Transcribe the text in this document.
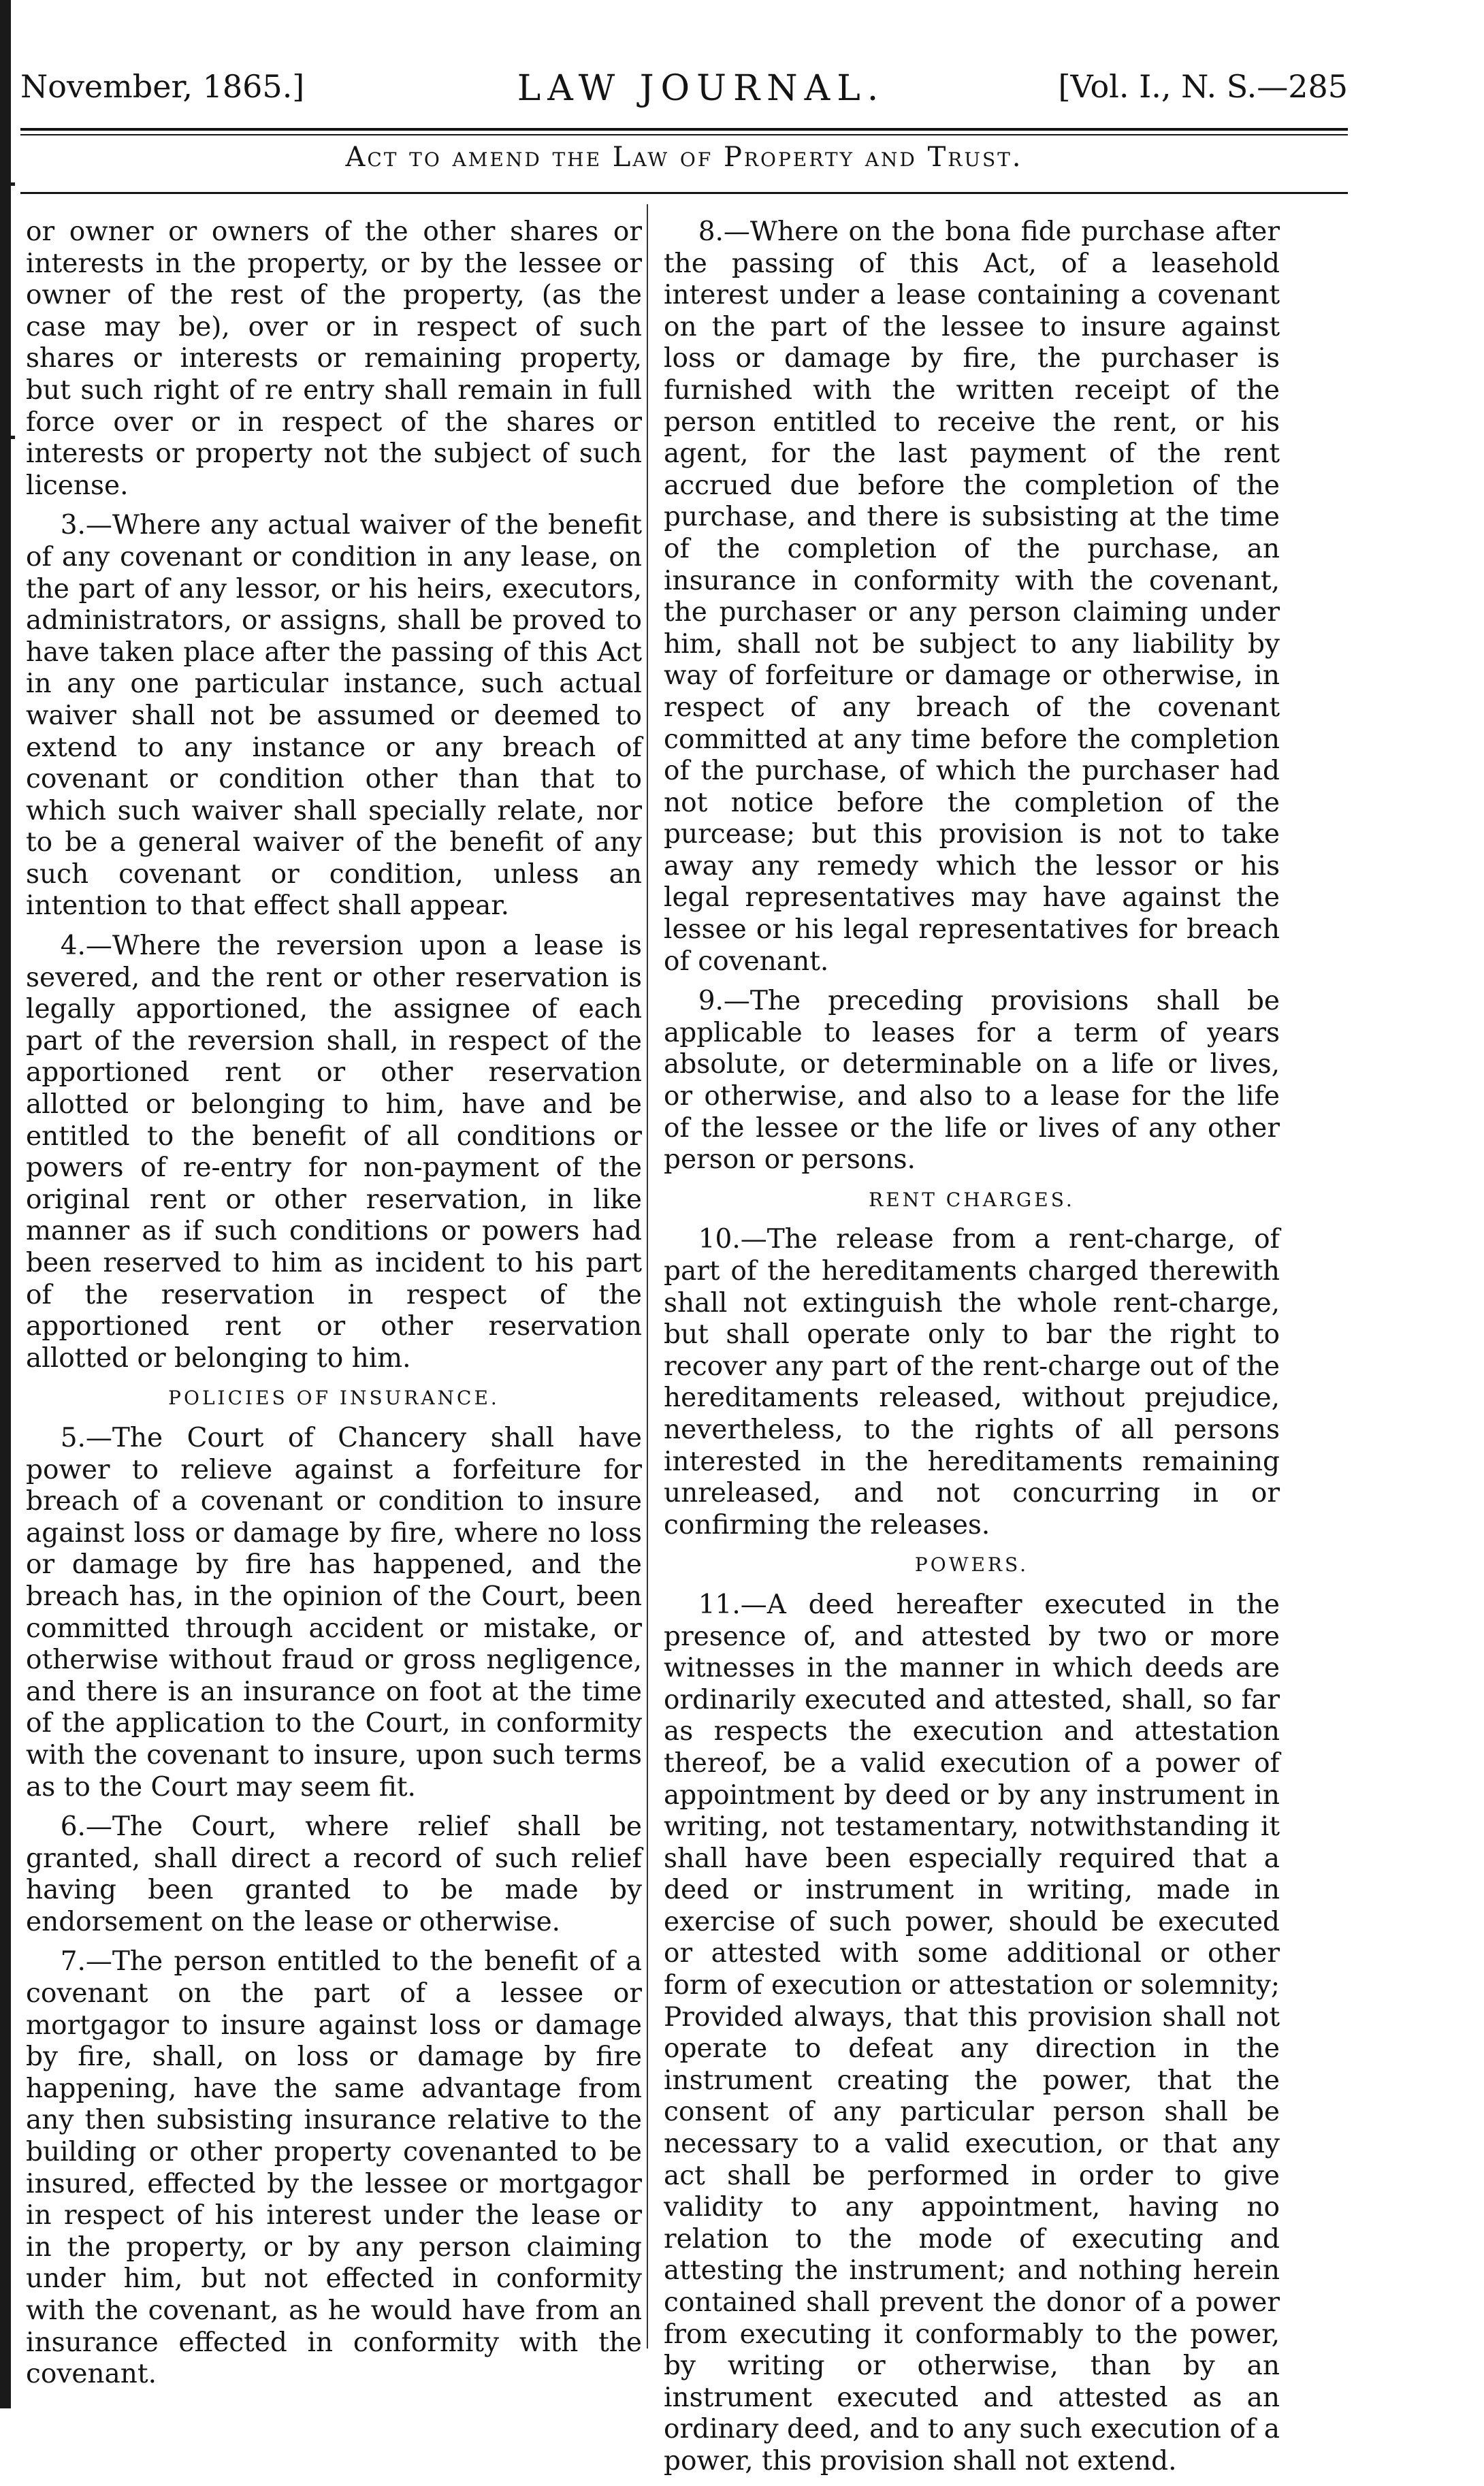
November, 1865.]	LAW JOURNAL.	[Vol. I., N. S.—285
Act to amend the Law of Property and Trust.

or owner or owners of the other shares or interests in the property, or by the lessee or owner of the rest of the property, (as the case may be), over or in respect of such shares or interests or remaining property, but such right of re entry shall remain in full force over or in respect of the shares or interests or property not the subject of such license.

3.—Where any actual waiver of the benefit of any covenant or condition in any lease, on the part of any lessor, or his heirs, executors, administrators, or assigns, shall be proved to have taken place after the passing of this Act in any one particular instance, such actual waiver shall not be assumed or deemed to extend to any instance or any breach of covenant or condition other than that to which such waiver shall specially relate, nor to be a general waiver of the benefit of any such covenant or condition, unless an intention to that effect shall appear.

4.—Where the reversion upon a lease is severed, and the rent or other reservation is legally apportioned, the assignee of each part of the reversion shall, in respect of the apportioned rent or other reservation allotted or belonging to him, have and be entitled to the benefit of all conditions or powers of re-entry for non-payment of the original rent or other reservation, in like manner as if such conditions or powers had been reserved to him as incident to his part of the reservation in respect of the apportioned rent or other reservation allotted or belonging to him.

POLICIES OF INSURANCE.

5.—The Court of Chancery shall have power to relieve against a forfeiture for breach of a covenant or condition to insure against loss or damage by fire, where no loss or damage by fire has happened, and the breach has, in the opinion of the Court, been committed through accident or mistake, or otherwise without fraud or gross negligence, and there is an insurance on foot at the time of the application to the Court, in conformity with the covenant to insure, upon such terms as to the Court may seem fit.

6.—The Court, where relief shall be granted, shall direct a record of such relief having been granted to be made by endorsement on the lease or otherwise.

7.—The person entitled to the benefit of a covenant on the part of a lessee or mortgagor to insure against loss or damage by fire, shall, on loss or damage by fire happening, have the same advantage from any then subsisting insurance relative to the building or other property covenanted to be insured, effected by the lessee or mortgagor in respect of his interest under the lease or in the property, or by any person claiming under him, but not effected in conformity with the covenant, as he would have from an insurance effected in conformity with the covenant.

8.—Where on the bona fide purchase after the passing of this Act, of a leasehold interest under a lease containing a covenant on the part of the lessee to insure against loss or damage by fire, the purchaser is furnished with the written receipt of the person entitled to receive the rent, or his agent, for the last payment of the rent accrued due before the completion of the purchase, and there is subsisting at the time of the completion of the purchase, an insurance in conformity with the covenant, the purchaser or any person claiming under him, shall not be subject to any liability by way of forfeiture or damage or otherwise, in respect of any breach of the covenant committed at any time before the completion of the purchase, of which the purchaser had not notice before the completion of the purcease; but this provision is not to take away any remedy which the lessor or his legal representatives may have against the lessee or his legal representatives for breach of covenant.

9.—The preceding provisions shall be applicable to leases for a term of years absolute, or determinable on a life or lives, or otherwise, and also to a lease for the life of the lessee or the life or lives of any other person or persons.

RENT CHARGES.

10.—The release from a rent-charge, of part of the hereditaments charged therewith shall not extinguish the whole rent-charge, but shall operate only to bar the right to recover any part of the rent-charge out of the hereditaments released, without prejudice, nevertheless, to the rights of all persons interested in the hereditaments remaining unreleased, and not concurring in or confirming the releases.

POWERS.

11.—A deed hereafter executed in the presence of, and attested by two or more witnesses in the manner in which deeds are ordinarily executed and attested, shall, so far as respects the execution and attestation thereof, be a valid execution of a power of appointment by deed or by any instrument in writing, not testamentary, notwithstanding it shall have been especially required that a deed or instrument in writing, made in exercise of such power, should be executed or attested with some additional or other form of execution or attestation or solemnity; Provided always, that this provision shall not operate to defeat any direction in the instrument creating the power, that the consent of any particular person shall be necessary to a valid execution, or that any act shall be performed in order to give validity to any appointment, having no relation to the mode of executing and attesting the instrument; and nothing herein contained shall prevent the donor of a power from executing it conformably to the power, by writing or otherwise, than by an instrument executed and attested as an ordinary deed, and to any such execution of a power, this provision shall not extend.
